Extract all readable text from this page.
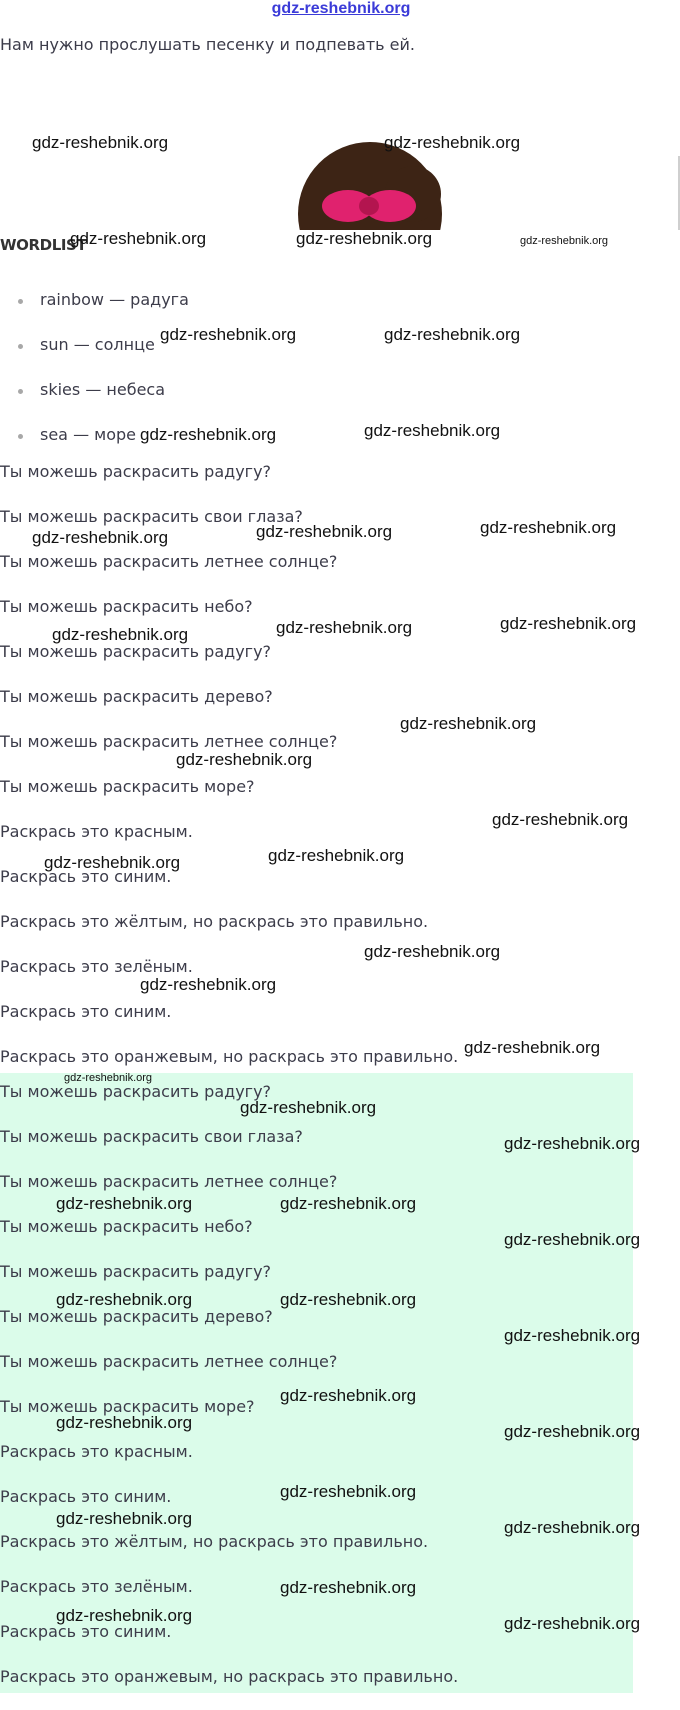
gdz-reshebnik.org
Нам нужно прослушать песенку и подпевать ей.
WORDLIST
rainbow — радуга
sun — солнце
skies — небеса
sea — море
Ты можешь раскрасить радугу?
Ты можешь раскрасить свои глаза?
Ты можешь раскрасить летнее солнце?
Ты можешь раскрасить небо?
Ты можешь раскрасить радугу?
Ты можешь раскрасить дерево?
Ты можешь раскрасить летнее солнце?
Ты можешь раскрасить море?
Раскрась это красным.
Раскрась это синим.
Раскрась это жёлтым, но раскрась это правильно.
Раскрась это зелёным.
Раскрась это синим.
Раскрась это оранжевым, но раскрась это правильно.
Ты можешь раскрасить радугу?
Ты можешь раскрасить свои глаза?
Ты можешь раскрасить летнее солнце?
Ты можешь раскрасить небо?
Ты можешь раскрасить радугу?
Ты можешь раскрасить дерево?
Ты можешь раскрасить летнее солнце?
Ты можешь раскрасить море?
Раскрась это красным.
Раскрась это синим.
Раскрась это жёлтым, но раскрась это правильно.
Раскрась это зелёным.
Раскрась это синим.
Раскрась это оранжевым, но раскрась это правильно.
gdz-reshebnik.org	gdz-reshebnik.org
gdz-reshebnik.org	gdz-reshebnik.org	gdz-reshebnik.org
gdz-reshebnik.org	gdz-reshebnik.org
gdz-reshebnik.org	gdz-reshebnik.org
gdz-reshebnik.org	gdz-reshebnik.org	gdz-reshebnik.org
gdz-reshebnik.org	gdz-reshebnik.org	gdz-reshebnik.org
gdz-reshebnik.org
gdz-reshebnik.org
gdz-reshebnik.org
gdz-reshebnik.org	gdz-reshebnik.org
gdz-reshebnik.org
gdz-reshebnik.org
gdz-reshebnik.org
gdz-reshebnik.org
gdz-reshebnik.org
gdz-reshebnik.org
gdz-reshebnik.org	gdz-reshebnik.org
gdz-reshebnik.org
gdz-reshebnik.org	gdz-reshebnik.org
gdz-reshebnik.org
gdz-reshebnik.org
gdz-reshebnik.org	gdz-reshebnik.org
gdz-reshebnik.org
gdz-reshebnik.org	gdz-reshebnik.org
gdz-reshebnik.org
gdz-reshebnik.org	gdz-reshebnik.org
